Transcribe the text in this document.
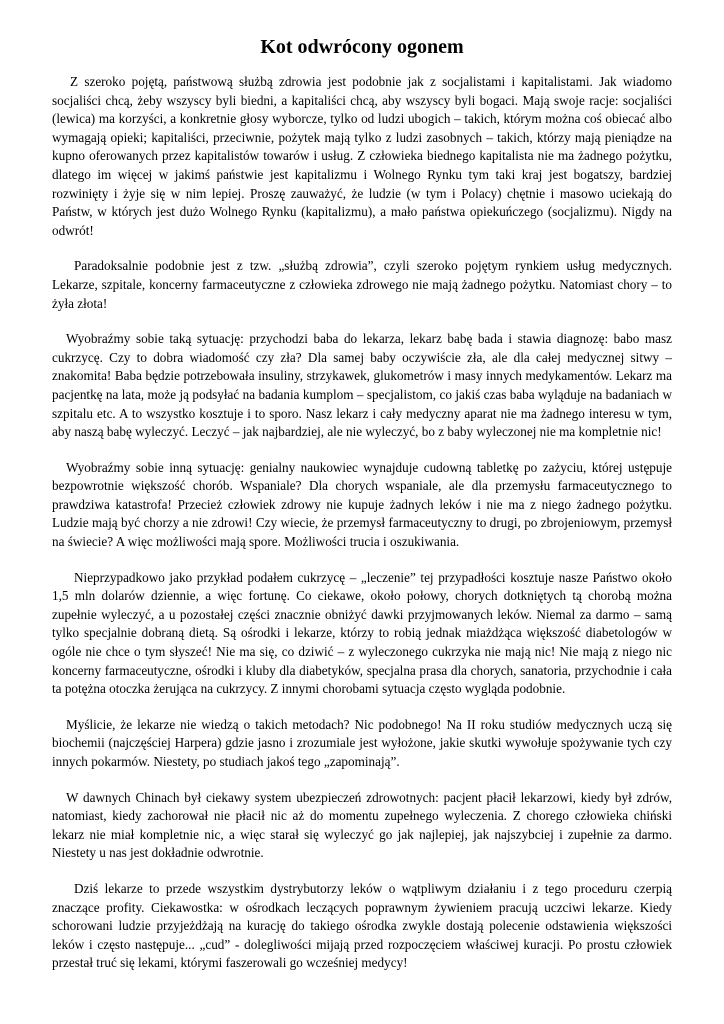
Kot odwrócony ogonem

Z szeroko pojętą, państwową służbą zdrowia jest podobnie jak z socjalistami i kapitalistami. Jak wiadomo socjaliści chcą, żeby wszyscy byli biedni, a kapitaliści chcą, aby wszyscy byli bogaci. Mają swoje racje: socjaliści (lewica) ma korzyści, a konkretnie głosy wyborcze, tylko od ludzi ubogich – takich, którym można coś obiecać albo wymagają opieki; kapitaliści, przeciwnie, pożytek mają tylko z ludzi zasobnych – takich, którzy mają pieniądze na kupno oferowanych przez kapitalistów towarów i usług. Z człowieka biednego kapitalista nie ma żadnego pożytku, dlatego im więcej w jakimś państwie jest kapitalizmu i Wolnego Rynku tym taki kraj jest bogatszy, bardziej rozwinięty i żyje się w nim lepiej. Proszę zauważyć, że ludzie (w tym i Polacy) chętnie i masowo uciekają do Państw, w których jest dużo Wolnego Rynku (kapitalizmu), a mało państwa opiekuńczego (socjalizmu). Nigdy na odwrót!

Paradoksalnie podobnie jest z tzw. „służbą zdrowia”, czyli szeroko pojętym rynkiem usług medycznych. Lekarze, szpitale, koncerny farmaceutyczne z człowieka zdrowego nie mają żadnego pożytku. Natomiast chory – to żyła złota!

Wyobraźmy sobie taką sytuację: przychodzi baba do lekarza, lekarz babę bada i stawia diagnozę: babo masz cukrzycę. Czy to dobra wiadomość czy zła? Dla samej baby oczywiście zła, ale dla całej medycznej sitwy – znakomita! Baba będzie potrzebowała insuliny, strzykawek, glukometrów i masy innych medykamentów. Lekarz ma pacjentkę na lata, może ją podsyłać na badania kumplom – specjalistom, co jakiś czas baba wyląduje na badaniach w szpitalu etc. A to wszystko kosztuje i to sporo. Nasz lekarz i cały medyczny aparat nie ma żadnego interesu w tym, aby naszą babę wyleczyć. Leczyć – jak najbardziej, ale nie wyleczyć, bo z baby wyleczonej nie ma kompletnie nic!

Wyobraźmy sobie inną sytuację: genialny naukowiec wynajduje cudowną tabletkę po zażyciu, której ustępuje bezpowrotnie większość chorób. Wspaniale? Dla chorych wspaniale, ale dla przemysłu farmaceutycznego to prawdziwa katastrofa! Przecież człowiek zdrowy nie kupuje żadnych leków i nie ma z niego żadnego pożytku. Ludzie mają być chorzy a nie zdrowi! Czy wiecie, że przemysł farmaceutyczny to drugi, po zbrojeniowym, przemysł na świecie? A więc możliwości mają spore. Możliwości trucia i oszukiwania.

Nieprzypadkowo jako przykład podałem cukrzycę – „leczenie” tej przypadłości kosztuje nasze Państwo około 1,5 mln dolarów dziennie, a więc fortunę. Co ciekawe, około połowy, chorych dotkniętych tą chorobą można zupełnie wyleczyć, a u pozostałej części znacznie obniżyć dawki przyjmowanych leków. Niemal za darmo – samą tylko specjalnie dobraną dietą. Są ośrodki i lekarze, którzy to robią jednak miażdżąca większość diabetologów w ogóle nie chce o tym słyszeć! Nie ma się, co dziwić – z wyleczonego cukrzyka nie mają nic! Nie mają z niego nic koncerny farmaceutyczne, ośrodki i kluby dla diabetyków, specjalna prasa dla chorych, sanatoria, przychodnie i cała ta potężna otoczka żerująca na cukrzycy. Z innymi chorobami sytuacja często wygląda podobnie.

Myślicie, że lekarze nie wiedzą o takich metodach? Nic podobnego! Na II roku studiów medycznych uczą się biochemii (najczęściej Harpera) gdzie jasno i zrozumiale jest wyłożone, jakie skutki wywołuje spożywanie tych czy innych pokarmów. Niestety, po studiach jakoś tego „zapominają”.

W dawnych Chinach był ciekawy system ubezpieczeń zdrowotnych: pacjent płacił lekarzowi, kiedy był zdrów, natomiast, kiedy zachorował nie płacił nic aż do momentu zupełnego wyleczenia. Z chorego człowieka chiński lekarz nie miał kompletnie nic, a więc starał się wyleczyć go jak najlepiej, jak najszybciej i zupełnie za darmo. Niestety u nas jest dokładnie odwrotnie.

Dziś lekarze to przede wszystkim dystrybutorzy leków o wątpliwym działaniu i z tego proceduru czerpią znaczące profity. Ciekawostka: w ośrodkach leczących poprawnym żywieniem pracują uczciwi lekarze. Kiedy schorowani ludzie przyjeżdżają na kurację do takiego ośrodka zwykle dostają polecenie odstawienia większości leków i często następuje... „cud” - dolegliwości mijają przed rozpoczęciem właściwej kuracji. Po prostu człowiek przestał truć się lekami, którymi faszerowali go wcześniej medycy!
